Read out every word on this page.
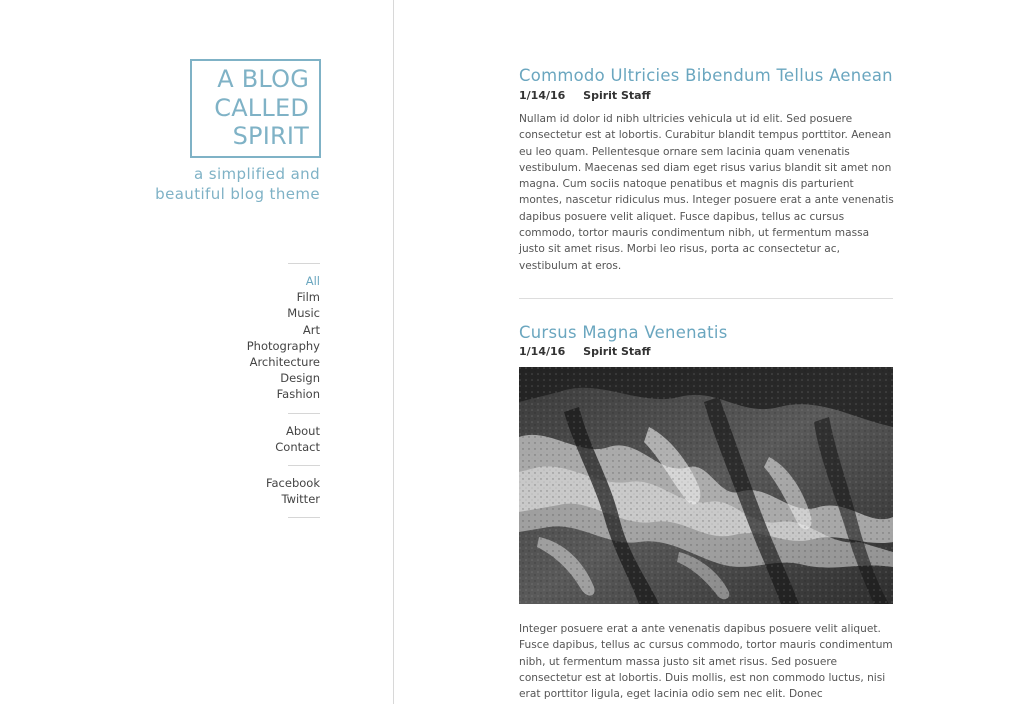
A BLOG
CALLED
SPIRIT
a simplified and
beautiful blog theme
All
Film
Music
Art
Photography
Architecture
Design
Fashion
About
Contact
Facebook
Twitter
Commodo Ultricies Bibendum Tellus Aenean
1/14/16 Spirit Staff

Nullam id dolor id nibh ultricies vehicula ut id elit. Sed posuere consectetur est at lobortis. Curabitur blandit tempus porttitor. Aenean eu leo quam. Pellentesque ornare sem lacinia quam venenatis vestibulum. Maecenas sed diam eget risus varius blandit sit amet non magna. Cum sociis natoque penatibus et magnis dis parturient montes, nascetur ridiculus mus. Integer posuere erat a ante venenatis dapibus posuere velit aliquet. Fusce dapibus, tellus ac cursus commodo, tortor mauris condimentum nibh, ut fermentum massa justo sit amet risus. Morbi leo risus, porta ac consectetur ac, vestibulum at eros.

Cursus Magna Venenatis
1/14/16 Spirit Staff

Integer posuere erat a ante venenatis dapibus posuere velit aliquet. Fusce dapibus, tellus ac cursus commodo, tortor mauris condimentum nibh, ut fermentum massa justo sit amet risus. Sed posuere consectetur est at lobortis. Duis mollis, est non commodo luctus, nisi erat porttitor ligula, eget lacinia odio sem nec elit. Donec
